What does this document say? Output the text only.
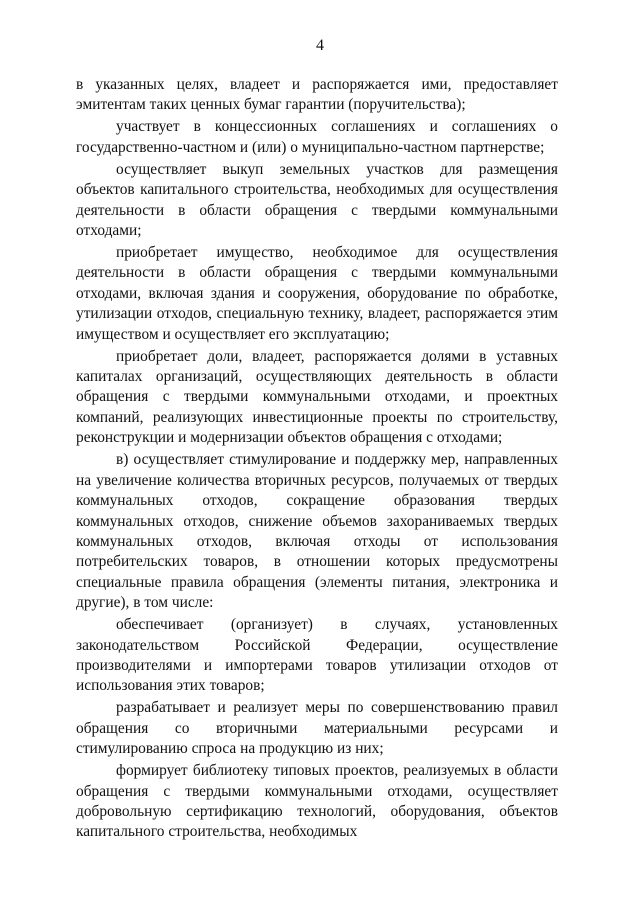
4

в указанных целях, владеет и распоряжается ими, предоставляет эмитентам таких ценных бумаг гарантии (поручительства);

участвует в концессионных соглашениях и соглашениях о государственно-частном и (или) о муниципально-частном партнерстве;

осуществляет выкуп земельных участков для размещения объектов капитального строительства, необходимых для осуществления деятельности в области обращения с твердыми коммунальными отходами;

приобретает имущество, необходимое для осуществления деятельности в области обращения с твердыми коммунальными отходами, включая здания и сооружения, оборудование по обработке, утилизации отходов, специальную технику, владеет, распоряжается этим имуществом и осуществляет его эксплуатацию;

приобретает доли, владеет, распоряжается долями в уставных капиталах организаций, осуществляющих деятельность в области обращения с твердыми коммунальными отходами, и проектных компаний, реализующих инвестиционные проекты по строительству, реконструкции и модернизации объектов обращения с отходами;

в) осуществляет стимулирование и поддержку мер, направленных на увеличение количества вторичных ресурсов, получаемых от твердых коммунальных отходов, сокращение образования твердых коммунальных отходов, снижение объемов захораниваемых твердых коммунальных отходов, включая отходы от использования потребительских товаров, в отношении которых предусмотрены специальные правила обращения (элементы питания, электроника и другие), в том числе:

обеспечивает (организует) в случаях, установленных законодательством Российской Федерации, осуществление производителями и импортерами товаров утилизации отходов от использования этих товаров;

разрабатывает и реализует меры по совершенствованию правил обращения со вторичными материальными ресурсами и стимулированию спроса на продукцию из них;

формирует библиотеку типовых проектов, реализуемых в области обращения с твердыми коммунальными отходами, осуществляет добровольную сертификацию технологий, оборудования, объектов капитального строительства, необходимых
